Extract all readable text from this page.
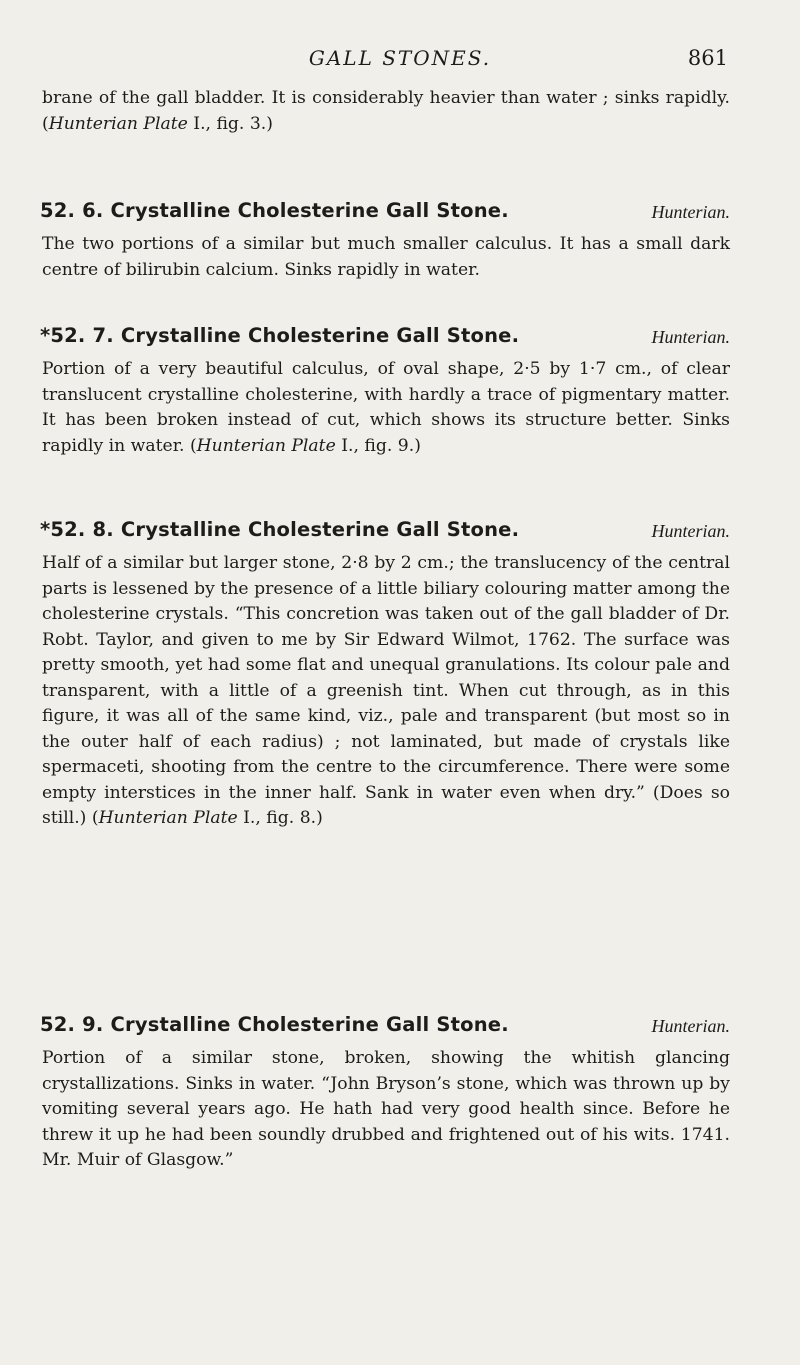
GALL STONES.	861

brane of the gall bladder. It is considerably heavier than water ; sinks rapidly. (Hunterian Plate I., fig. 3.)

52. 6. Crystalline Cholesterine Gall Stone.	Hunterian.
The two portions of a similar but much smaller calculus. It has a small dark centre of bilirubin calcium. Sinks rapidly in water.
*52. 7. Crystalline Cholesterine Gall Stone.	Hunterian.
Portion of a very beautiful calculus, of oval shape, 2·5 by 1·7 cm., of clear translucent crystalline cholesterine, with hardly a trace of pigmentary matter. It has been broken instead of cut, which shows its structure better. Sinks rapidly in water. (Hunterian Plate I., fig. 9.)
*52. 8. Crystalline Cholesterine Gall Stone.	Hunterian.
Half of a similar but larger stone, 2·8 by 2 cm.; the translucency of the central parts is lessened by the presence of a little biliary colouring matter among the cholesterine crystals. “This concretion was taken out of the gall bladder of Dr. Robt. Taylor, and given to me by Sir Edward Wilmot, 1762. The surface was pretty smooth, yet had some flat and unequal granulations. Its colour pale and transparent, with a little of a greenish tint. When cut through, as in this figure, it was all of the same kind, viz., pale and transparent (but most so in the outer half of each radius) ; not laminated, but made of crystals like spermaceti, shooting from the centre to the circumference. There were some empty interstices in the inner half. Sank in water even when dry.” (Does so still.) (Hunterian Plate I., fig. 8.)
52. 9. Crystalline Cholesterine Gall Stone.	Hunterian.
Portion of a similar stone, broken, showing the whitish glancing crystallizations. Sinks in water. “John Bryson’s stone, which was thrown up by vomiting several years ago. He hath had very good health since. Before he threw it up he had been soundly drubbed and frightened out of his wits. 1741. Mr. Muir of Glasgow.”
